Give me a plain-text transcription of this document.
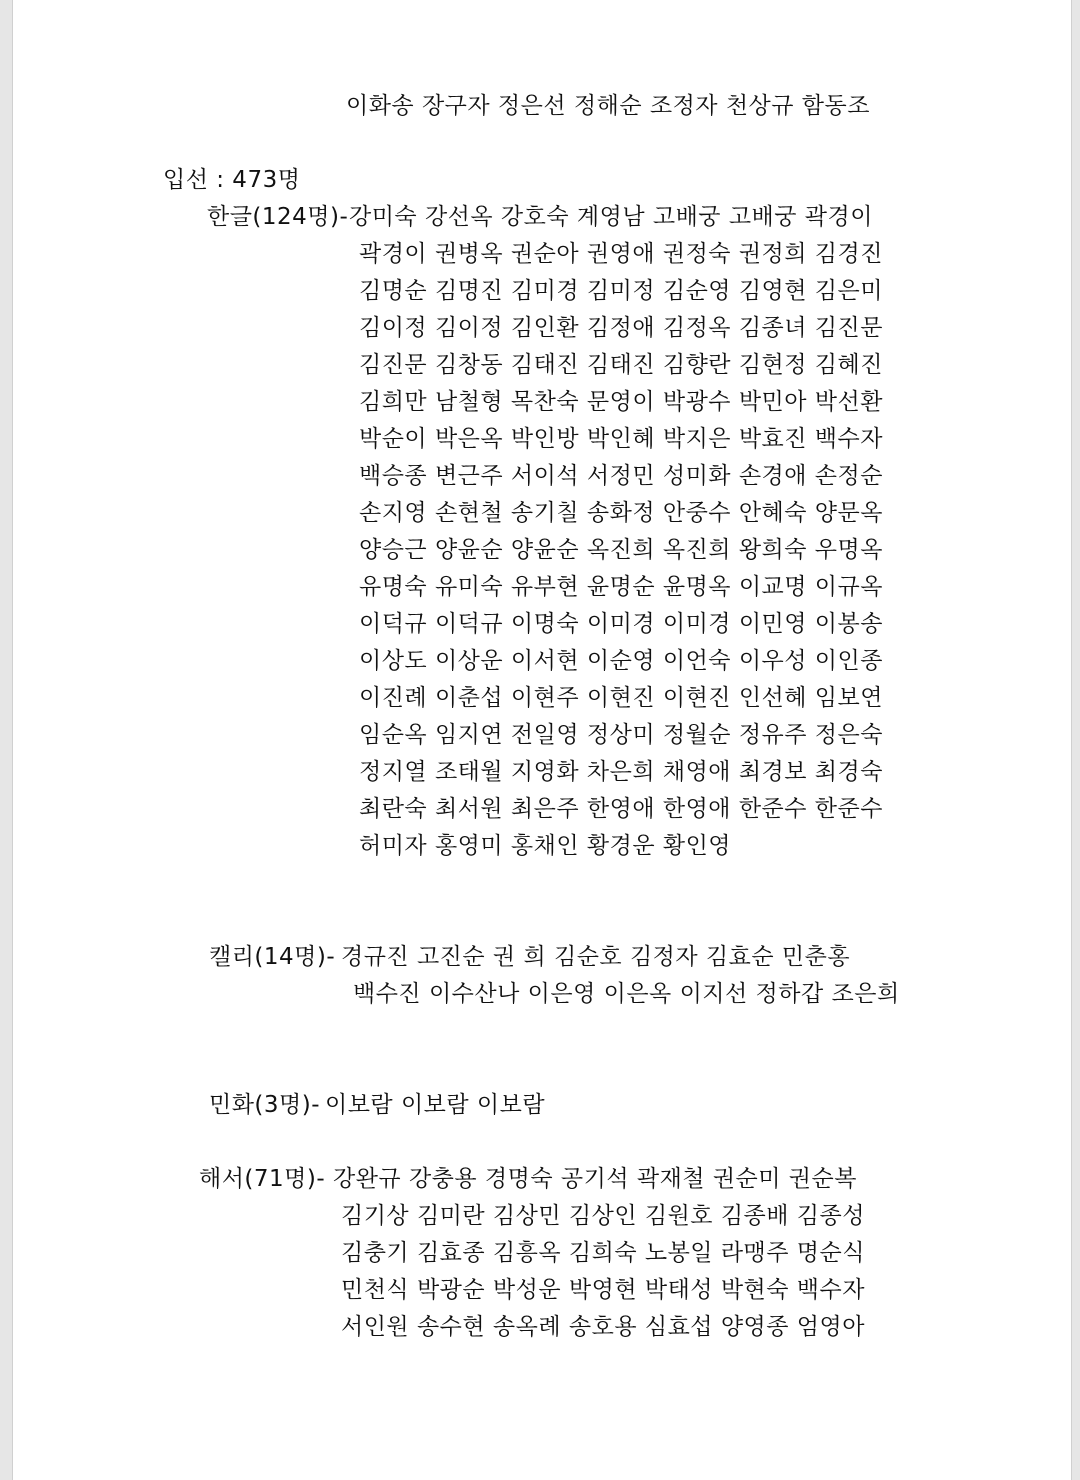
이화송 장구자 정은선 정해순 조정자 천상규 함동조
입선 : 473명
한글(124명)-
강미숙 강선옥 강호숙 계영남 고배궁 고배궁 곽경이
곽경이 권병옥 권순아 권영애 권정숙 권정희 김경진
김명순 김명진 김미경 김미정 김순영 김영현 김은미
김이정 김이정 김인환 김정애 김정옥 김종녀 김진문
김진문 김창동 김태진 김태진 김향란 김현정 김혜진
김희만 남철형 목찬숙 문영이 박광수 박민아 박선환
박순이 박은옥 박인방 박인혜 박지은 박효진 백수자
백승종 변근주 서이석 서정민 성미화 손경애 손정순
손지영 손현철 송기칠 송화정 안중수 안혜숙 양문옥
양승근 양윤순 양윤순 옥진희 옥진희 왕희숙 우명옥
유명숙 유미숙 유부현 윤명순 윤명옥 이교명 이규옥
이덕규 이덕규 이명숙 이미경 이미경 이민영 이봉송
이상도 이상운 이서현 이순영 이언숙 이우성 이인종
이진례 이춘섭 이현주 이현진 이현진 인선혜 임보연
임순옥 임지연 전일영 정상미 정월순 정유주 정은숙
정지열 조태월 지영화 차은희 채영애 최경보 최경숙
최란숙 최서원 최은주 한영애 한영애 한준수 한준수
허미자 홍영미 홍채인 황경운 황인영
캘리(14명)-
경규진 고진순 권 희 김순호 김정자 김효순 민춘홍
백수진 이수산나 이은영 이은옥 이지선 정하갑 조은희
민화(3명)-
이보람 이보람 이보람
해서(71명)- 강완규 강충용 경명숙 공기석 곽재철 권순미 권순복
김기상 김미란 김상민 김상인 김원호 김종배 김종성
김충기 김효종 김흥옥 김희숙 노봉일 라맹주 명순식
민천식 박광순 박성운 박영현 박태성 박현숙 백수자
서인원 송수현 송옥례 송호용 심효섭 양영종 엄영아
